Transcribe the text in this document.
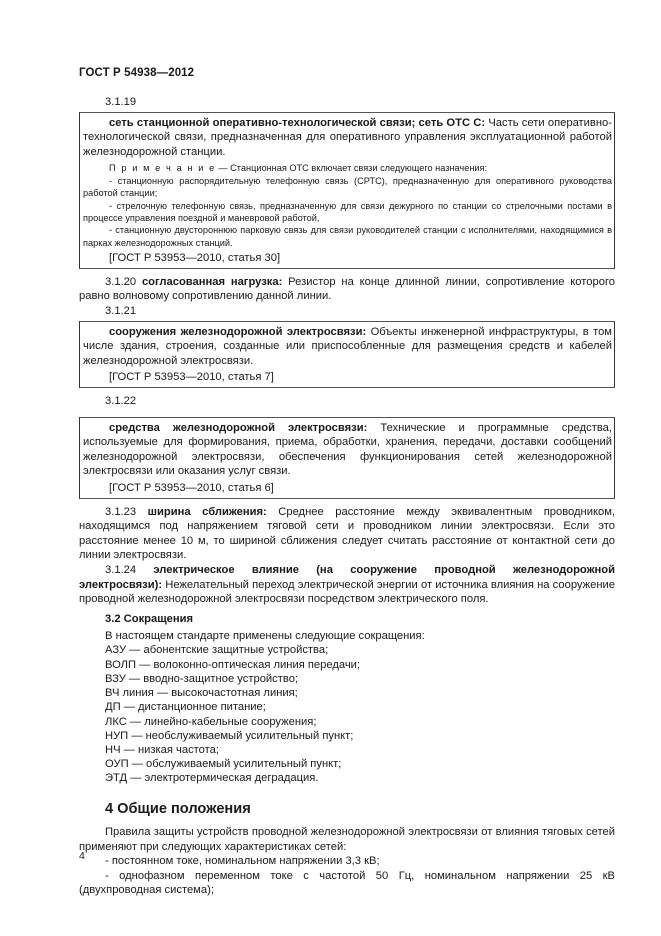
ГОСТ Р 54938—2012

3.1.19

сеть станционной оперативно-технологической связи; сеть ОТС С: Часть сети оперативно-технологической связи, предназначенная для оперативного управления эксплуатационной работой железнодорожной станции.

П р и м е ч а н и е — Станционная ОТС включает связи следующего назначения:

- станционную распорядительную телефонную связь (СРТС), предназначенную для оперативного руководства работой станции;

- стрелочную телефонную связь, предназначенную для связи дежурного по станции со стрелочными постами в процессе управления поездной и маневровой работой,

- станционную двустороннюю парковую связь для связи руководителей станции с исполнителями, находящимися в парках железнодорожных станций.

[ГОСТ Р 53953—2010, статья 30]

3.1.20 согласованная нагрузка: Резистор на конце длинной линии, сопротивление которого равно волновому сопротивлению данной линии.

3.1.21

сооружения железнодорожной электросвязи: Объекты инженерной инфраструктуры, в том числе здания, строения, созданные или приспособленные для размещения средств и кабелей железнодорожной электросвязи.

[ГОСТ Р 53953—2010, статья 7]

3.1.22

средства железнодорожной электросвязи: Технические и программные средства, используемые для формирования, приема, обработки, хранения, передачи, доставки сообщений железнодорожной электросвязи, обеспечения функционирования сетей железнодорожной электросвязи или оказания услуг связи.

[ГОСТ Р 53953—2010, статья 6]

3.1.23 ширина сближения: Среднее расстояние между эквивалентным проводником, находящимся под напряжением тяговой сети и проводником линии электросвязи. Если это расстояние менее 10 м, то шириной сближения следует считать расстояние от контактной сети до линии электросвязи.

3.1.24 электрическое влияние (на сооружение проводной железнодорожной электросвязи): Нежелательный переход электрической энергии от источника влияния на сооружение проводной железнодорожной электросвязи посредством электрического поля.

3.2 Сокращения

В настоящем стандарте применены следующие сокращения:

АЗУ — абонентские защитные устройства;

ВОЛП — волоконно-оптическая линия передачи;

ВЗУ — вводно-защитное устройство;

ВЧ линия — высокочастотная линия;

ДП — дистанционное питание;

ЛКС — линейно-кабельные сооружения;

НУП — необслуживаемый усилительный пункт;

НЧ — низкая частота;

ОУП — обслуживаемый усилительный пункт;

ЭТД — электротермическая деградация.

4 Общие положения

Правила защиты устройств проводной железнодорожной электросвязи от влияния тяговых сетей применяют при следующих характеристиках сетей:

- постоянном токе, номинальном напряжении 3,3 кВ;

- однофазном переменном токе с частотой 50 Гц, номинальном напряжении 25 кВ (двухпроводная система);

4
